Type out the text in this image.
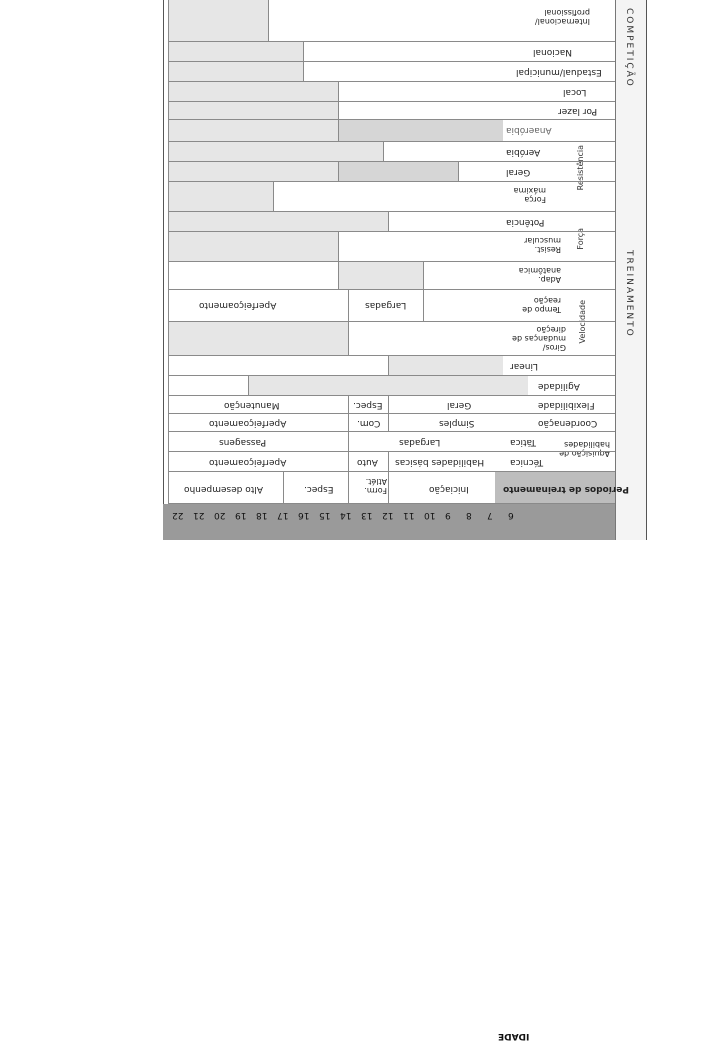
IDADE
COMPETIÇÃO
TREINAMENTO
Períodos de treinamento
Iniciação
Form. Atlét.
Espec.
Alto desempenho
Aquisição de habilidades
Técnica
Habilidades básicas
Auto
Aperfeiçoamento
Tática
Largadas
Passagens
Coordenação
Simples
Com.
Aperfeiçoamento
Flexibilidade
Geral
Espec.
Manutenção
Agilidade
Velocidade
Linear
Giros/ mudanças de direção
Tempo de reação
Largadas
Aperfeiçoamento
Força
Adap. anatômica
Resist. muscular
Potência
Força máxima
Resistência
Geral
Aeróbia
Anaeróbia
Por lazer
Local
Estadual/municipal
Nacional
Internacional/ profissional
6
7
8
9
10
11
12
13
14
15
16
17
18
19
20
21
22
